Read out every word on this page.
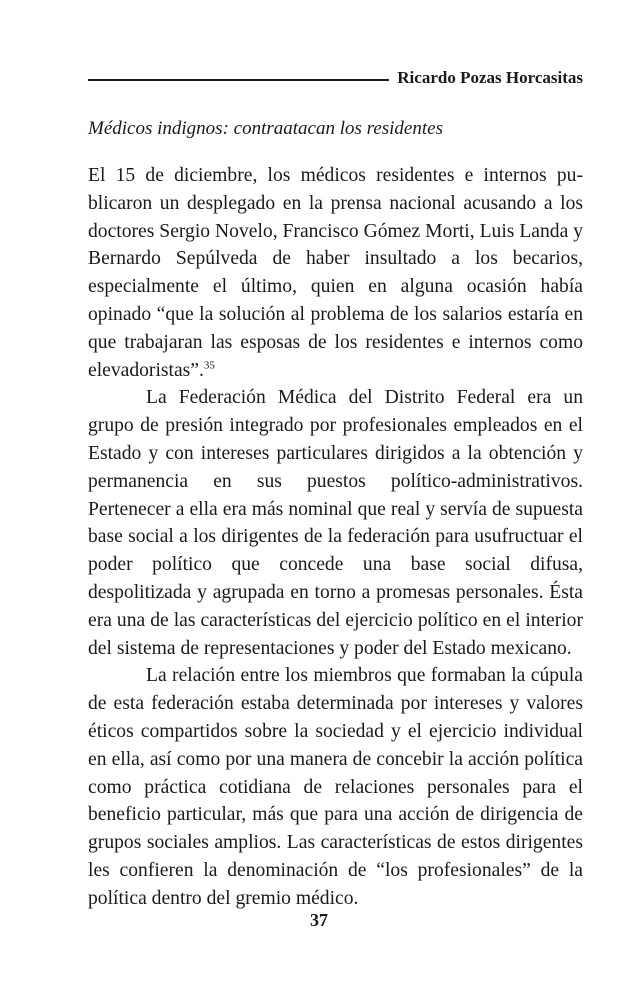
Ricardo Pozas Horcasitas
Médicos indignos: contraatacan los residentes

El 15 de diciembre, los médicos residentes e internos publicaron un desplegado en la prensa nacional acusando a los doctores Sergio Novelo, Francisco Gómez Morti, Luis Landa y Bernardo Sepúlveda de haber insultado a los becarios, especialmente el último, quien en alguna ocasión había opinado “que la solución al problema de los salarios estaría en que trabajaran las esposas de los residentes e internos como elevadoristas”.$^{35}$

La Federación Médica del Distrito Federal era un grupo de presión integrado por profesionales empleados en el Estado y con intereses particulares dirigidos a la obtención y permanencia en sus puestos político-administrativos. Pertenecer a ella era más nominal que real y servía de supuesta base social a los dirigentes de la federación para usufructuar el poder político que concede una base social difusa, despolitizada y agrupada en torno a promesas personales. Ésta era una de las características del ejercicio político en el interior del sistema de representaciones y poder del Estado mexicano.

La relación entre los miembros que formaban la cúpula de esta federación estaba determinada por intereses y valores éticos compartidos sobre la sociedad y el ejercicio individual en ella, así como por una manera de concebir la acción política como práctica cotidiana de relaciones personales para el beneficio particular, más que para una acción de dirigencia de grupos sociales amplios. Las características de estos dirigentes les confieren la denominación de “los profesionales” de la política dentro del gremio médico.

37
